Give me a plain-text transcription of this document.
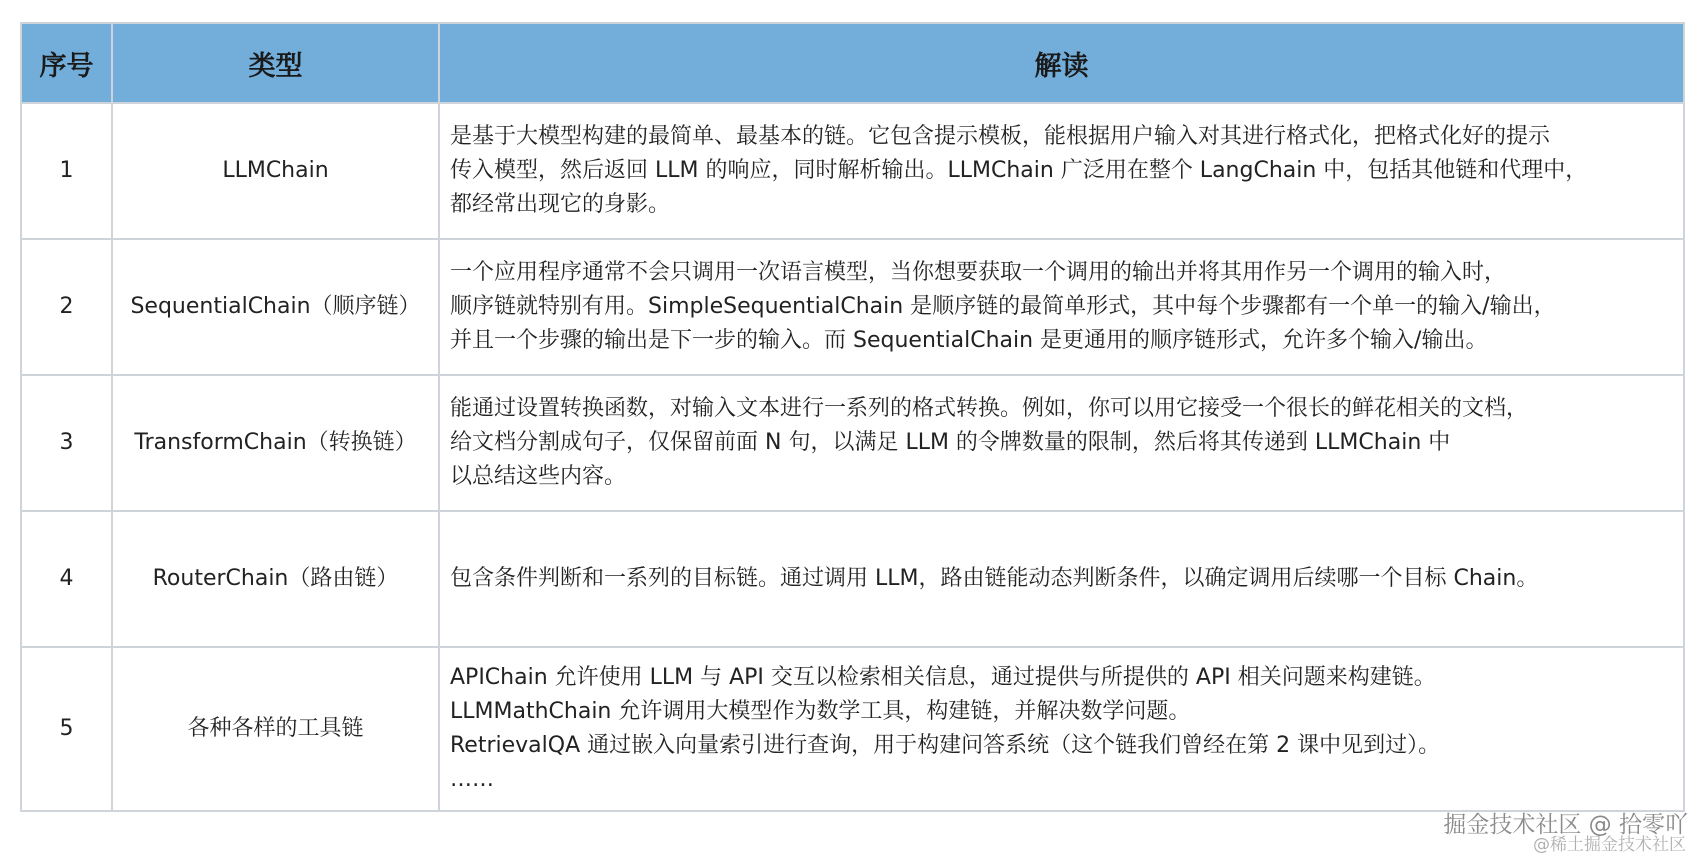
序号	类型	解读
1	LLMChain	是基于大模型构建的最简单、最基本的链。它包含提示模板，能根据用户输入对其进行格式化，把格式化好的提示
传入模型，然后返回 LLM 的响应，同时解析输出。LLMChain 广泛用在整个 LangChain 中，包括其他链和代理中，
都经常出现它的身影。

2	SequentialChain（顺序链）	一个应用程序通常不会只调用一次语言模型，当你想要获取一个调用的输出并将其用作另一个调用的输入时，
顺序链就特别有用。SimpleSequentialChain 是顺序链的最简单形式，其中每个步骤都有一个单一的输入/输出，
并且一个步骤的输出是下一步的输入。而 SequentialChain 是更通用的顺序链形式，允许多个输入/输出。

3	TransformChain（转换链）	能通过设置转换函数，对输入文本进行一系列的格式转换。例如，你可以用它接受一个很长的鲜花相关的文档，
给文档分割成句子，仅保留前面 N 句，以满足 LLM 的令牌数量的限制，然后将其传递到 LLMChain 中
以总结这些内容。

4	RouterChain（路由链）	包含条件判断和一系列的目标链。通过调用 LLM，路由链能动态判断条件，以确定调用后续哪一个目标 Chain。

5	各种各样的工具链	APIChain 允许使用 LLM 与 API 交互以检索相关信息，通过提供与所提供的 API 相关问题来构建链。
LLMMathChain 允许调用大模型作为数学工具，构建链，并解决数学问题。
RetrievalQA 通过嵌入向量索引进行查询，用于构建问答系统（这个链我们曾经在第 2 课中见到过）。
……
掘金技术社区 @ 拾零吖
@稀土掘金技术社区
